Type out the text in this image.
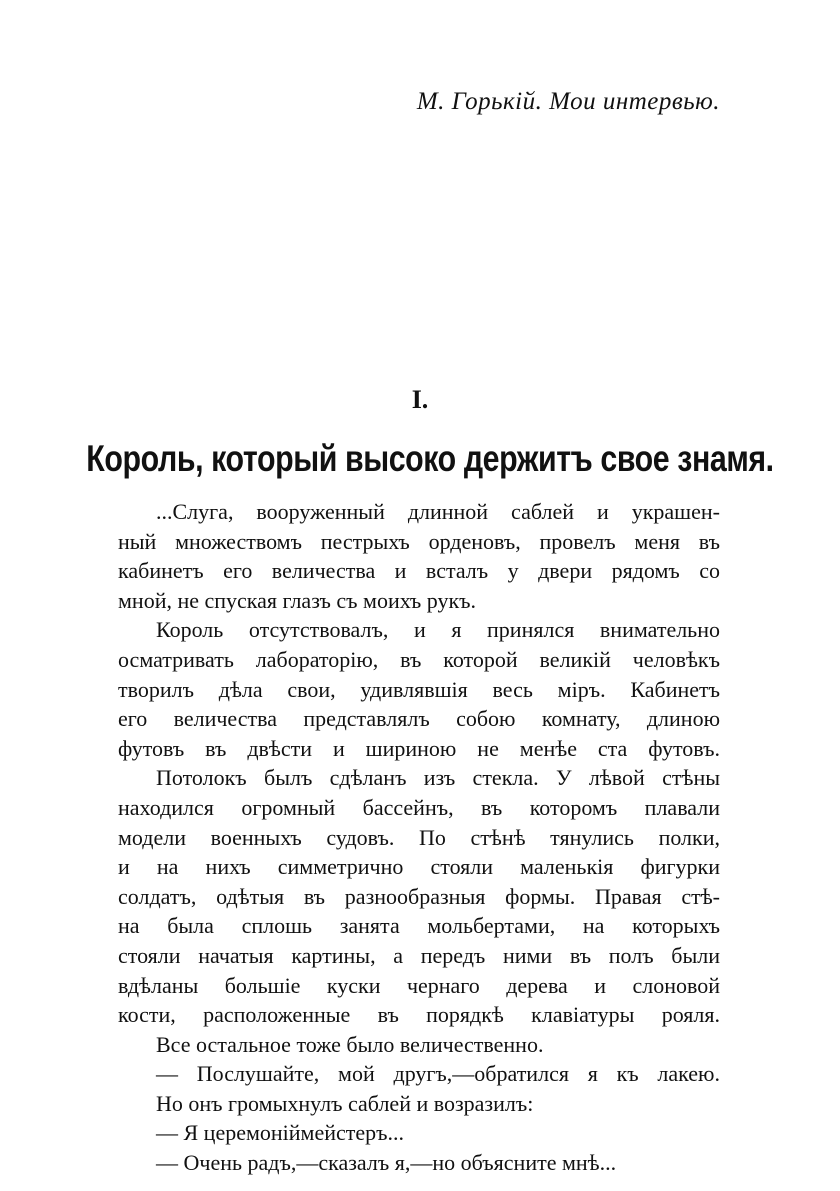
М. Горькій. Мои интервью.
I.
Король, который высоко держитъ свое знамя.
...Слуга, вооруженный длинной саблей и украшен-
ный множествомъ пестрыхъ орденовъ, провелъ меня въ
кабинетъ его величества и всталъ у двери рядомъ со
мной, не спуская глазъ съ моихъ рукъ.
Король отсутствовалъ, и я принялся внимательно
осматривать лабораторію, въ которой великій человѣкъ
творилъ дѣла свои, удивлявшія весь міръ. Кабинетъ
его величества представлялъ собою комнату, длиною
футовъ въ двѣсти и шириною не менѣе ста футовъ.
Потолокъ былъ сдѣланъ изъ стекла. У лѣвой стѣны
находился огромный бассейнъ, въ которомъ плавали
модели военныхъ судовъ. По стѣнѣ тянулись полки,
и на нихъ симметрично стояли маленькія фигурки
солдатъ, одѣтыя въ разнообразныя формы. Правая стѣ-
на была сплошь занята мольбертами, на которыхъ
стояли начатыя картины, а передъ ними въ полъ были
вдѣланы большіе куски чернаго дерева и слоновой
кости, расположенные въ порядкѣ клавіатуры рояля.
Все остальное тоже было величественно.
— Послушайте, мой другъ,—обратился я къ лакею.
Но онъ громыхнулъ саблей и возразилъ:
— Я церемоніймейстеръ...
— Очень радъ,—сказалъ я,—но объясните мнѣ...
